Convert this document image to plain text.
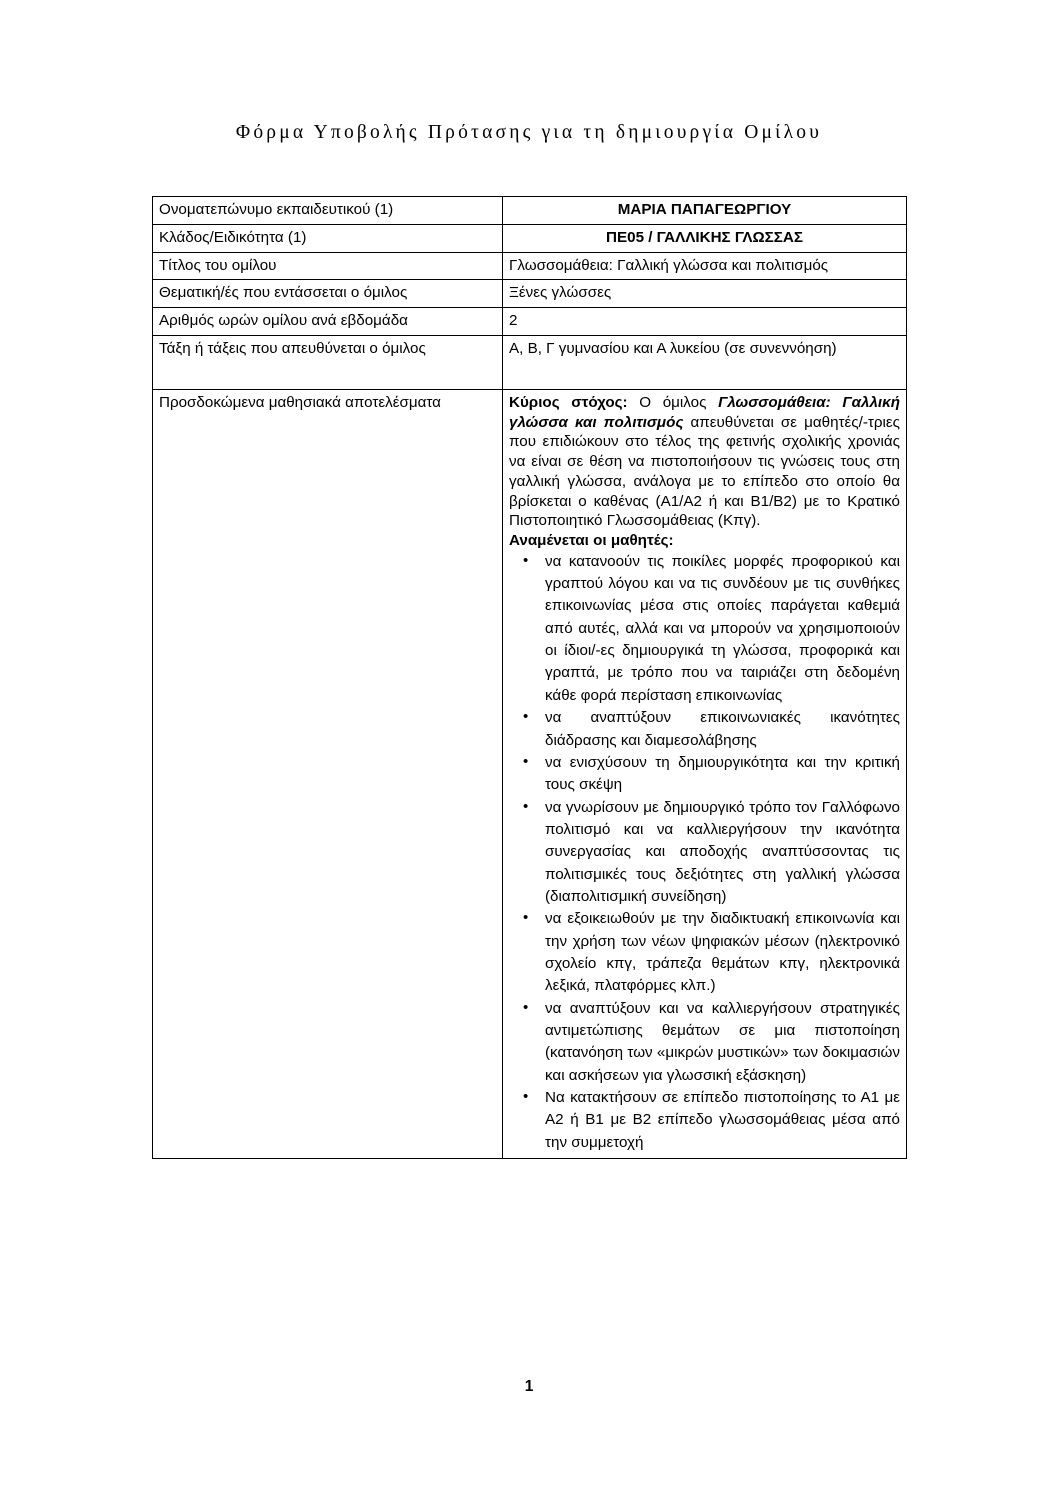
Φόρμα Υποβολής Πρότασης για τη δημιουργία Ομίλου
Ονοματεπώνυμο εκπαιδευτικού (1)	ΜΑΡΙΑ ΠΑΠΑΓΕΩΡΓΙΟΥ
Κλάδος/Ειδικότητα (1)	ΠΕ05 / ΓΑΛΛΙΚΗΣ ΓΛΩΣΣΑΣ
Τίτλος του ομίλου	Γλωσσομάθεια: Γαλλική γλώσσα και πολιτισμός
Θεματική/ές που εντάσσεται ο όμιλος	Ξένες γλώσσες
Αριθμός ωρών ομίλου ανά εβδομάδα	2
Τάξη ή τάξεις που απευθύνεται ο όμιλος	Α, Β, Γ γυμνασίου και Α λυκείου (σε συνεννόηση)
Προσδοκώμενα μαθησιακά αποτελέσματα	Κύριος στόχος: Ο όμιλος Γλωσσομάθεια: Γαλλική γλώσσα και πολιτισμός απευθύνεται σε μαθητές/-τριες που επιδιώκουν στο τέλος της φετινής σχολικής χρονιάς να είναι σε θέση να πιστοποιήσουν τις γνώσεις τους στη γαλλική γλώσσα, ανάλογα με το επίπεδο στο οποίο θα βρίσκεται ο καθένας (Α1/Α2 ή και Β1/Β2) με το Κρατικό Πιστοποιητικό Γλωσσομάθειας (Κπγ).

Αναμένεται οι μαθητές:

• να κατανοούν τις ποικίλες μορφές προφορικού και γραπτού λόγου και να τις συνδέουν με τις συνθήκες επικοινωνίας μέσα στις οποίες παράγεται καθεμιά από αυτές, αλλά και να μπορούν να χρησιμοποιούν οι ίδιοι/-ες δημιουργικά τη γλώσσα, προφορικά και γραπτά, με τρόπο που να ταιριάζει στη δεδομένη κάθε φορά περίσταση επικοινωνίας
• να αναπτύξουν επικοινωνιακές ικανότητες διάδρασης και διαμεσολάβησης
• να ενισχύσουν τη δημιουργικότητα και την κριτική τους σκέψη
• να γνωρίσουν με δημιουργικό τρόπο τον Γαλλόφωνο πολιτισμό και να καλλιεργήσουν την ικανότητα συνεργασίας και αποδοχής αναπτύσσοντας τις πολιτισμικές τους δεξιότητες στη γαλλική γλώσσα (διαπολιτισμική συνείδηση)
• να εξοικειωθούν με την διαδικτυακή επικοινωνία και την χρήση των νέων ψηφιακών μέσων (ηλεκτρονικό σχολείο κπγ, τράπεζα θεμάτων κπγ, ηλεκτρονικά λεξικά, πλατφόρμες κλπ.)
• να αναπτύξουν και να καλλιεργήσουν στρατηγικές αντιμετώπισης θεμάτων σε μια πιστοποίηση (κατανόηση των «μικρών μυστικών» των δοκιμασιών και ασκήσεων για γλωσσική εξάσκηση)
• Να κατακτήσουν σε επίπεδο πιστοποίησης το Α1 με Α2 ή Β1 με Β2 επίπεδο γλωσσομάθειας μέσα από την συμμετοχή
1
